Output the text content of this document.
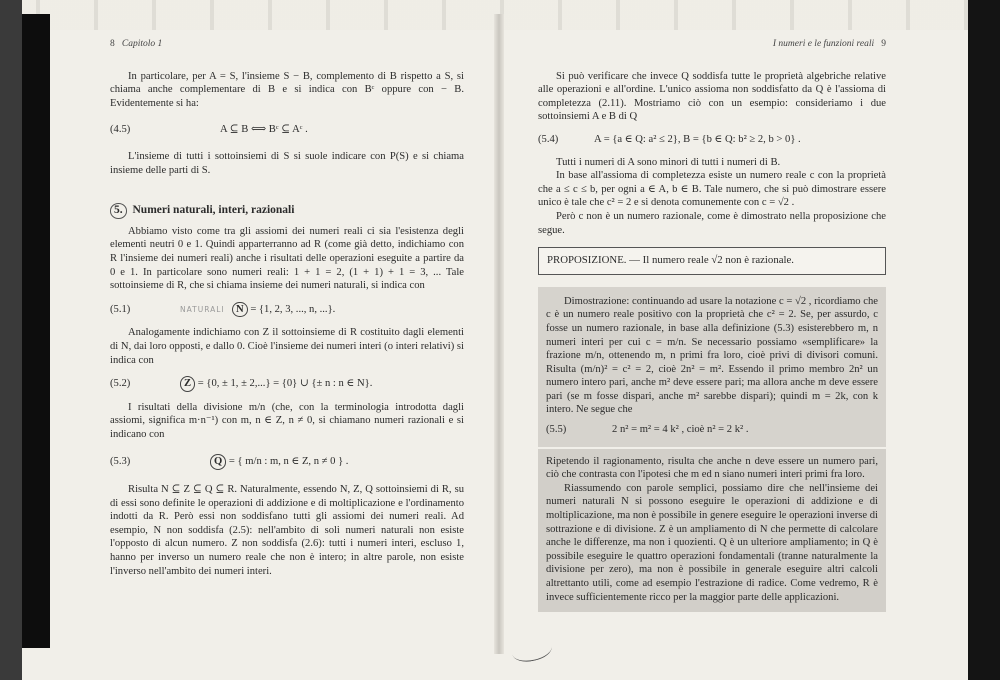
8 Capitolo 1

In particolare, per A = S, l'insieme S − B, complemento di B rispetto a S, si chiama anche complementare di B e si indica con Bᶜ oppure con − B. Evidentemente si ha:

(4.5)	A ⊆ B ⟺ Bᶜ ⊆ Aᶜ .

L'insieme di tutti i sottoinsiemi di S si suole indicare con P(S) e si chiama insieme delle parti di S.

5. Numeri naturali, interi, razionali

Abbiamo visto come tra gli assiomi dei numeri reali ci sia l'esistenza degli elementi neutri 0 e 1. Quindi apparterranno ad R (come già detto, indichiamo con R l'insieme dei numeri reali) anche i risultati delle operazioni eseguite a partire da 0 e 1. In particolare sono numeri reali: 1 + 1 = 2, (1 + 1) + 1 = 3, ... Tale sottoinsieme di R, che si chiama insieme dei numeri naturali, si indica con

(5.1)	NATURALI	N = {1, 2, 3, ..., n, ...}.

Analogamente indichiamo con Z il sottoinsieme di R costituito dagli elementi di N, dai loro opposti, e dallo 0. Cioè l'insieme dei numeri interi (o interi relativi) si indica con

(5.2)	Z = {0, ± 1, ± 2,...} = {0} ∪ {± n : n ∈ N}.

I risultati della divisione m/n (che, con la terminologia introdotta dagli assiomi, significa m·n⁻¹) con m, n ∈ Z, n ≠ 0, si chiamano numeri razionali e si indicano con

(5.3)	Q = { m/n : m, n ∈ Z, n ≠ 0 } .

Risulta N ⊆ Z ⊆ Q ⊆ R. Naturalmente, essendo N, Z, Q sottoinsiemi di R, su di essi sono definite le operazioni di addizione e di moltiplicazione e l'ordinamento indotti da R. Però essi non soddisfano tutti gli assiomi dei numeri reali. Ad esempio, N non soddisfa (2.5): nell'ambito di soli numeri naturali non esiste l'opposto di alcun numero. Z non soddisfa (2.6): tutti i numeri interi, escluso 1, hanno per inverso un numero reale che non è intero; in altre parole, non esiste l'inverso nell'ambito dei numeri interi.

I numeri e le funzioni reali 9

Si può verificare che invece Q soddisfa tutte le proprietà algebriche relative alle operazioni e all'ordine. L'unico assioma non soddisfatto da Q è l'assioma di completezza (2.11). Mostriamo ciò con un esempio: consideriamo i due sottoinsiemi A e B di Q

(5.4)	A = {a ∈ Q: a² ≤ 2}, B = {b ∈ Q: b² ≥ 2, b > 0} .

Tutti i numeri di A sono minori di tutti i numeri di B.

In base all'assioma di completezza esiste un numero reale c con la proprietà che a ≤ c ≤ b, per ogni a ∈ A, b ∈ B. Tale numero, che si può dimostrare essere unico è tale che c² = 2 e si denota comunemente con c = √2 .

Però c non è un numero razionale, come è dimostrato nella proposizione che segue.

PROPOSIZIONE. — Il numero reale √2 non è razionale.

Dimostrazione: continuando ad usare la notazione c = √2 , ricordiamo che c è un numero reale positivo con la proprietà che c² = 2. Se, per assurdo, c fosse un numero razionale, in base alla definizione (5.3) esisterebbero m, n numeri interi per cui c = m/n. Se necessario possiamo «semplificare» la frazione m/n, ottenendo m, n primi fra loro, cioè privi di divisori comuni. Risulta (m/n)² = c² = 2, cioè 2n² = m². Essendo il primo membro 2n² un numero intero pari, anche m² deve essere pari; ma allora anche m deve essere pari (se m fosse dispari, anche m² sarebbe dispari); quindi m = 2k, con k intero. Ne segue che

(5.5)	2 n² = m² = 4 k² , cioè n² = 2 k² .

Ripetendo il ragionamento, risulta che anche n deve essere un numero pari, ciò che contrasta con l'ipotesi che m ed n siano numeri interi primi fra loro.

Riassumendo con parole semplici, possiamo dire che nell'insieme dei numeri naturali N si possono eseguire le operazioni di addizione e di moltiplicazione, ma non è possibile in genere eseguire le operazioni inverse di sottrazione e di divisione. Z è un ampliamento di N che permette di calcolare anche le differenze, ma non i quozienti. Q è un ulteriore ampliamento; in Q è possibile eseguire le quattro operazioni fondamentali (tranne naturalmente la divisione per zero), ma non è possibile in generale eseguire altri calcoli altrettanto utili, come ad esempio l'estrazione di radice. Come vedremo, R è invece sufficientemente ricco per la maggior parte delle applicazioni.
